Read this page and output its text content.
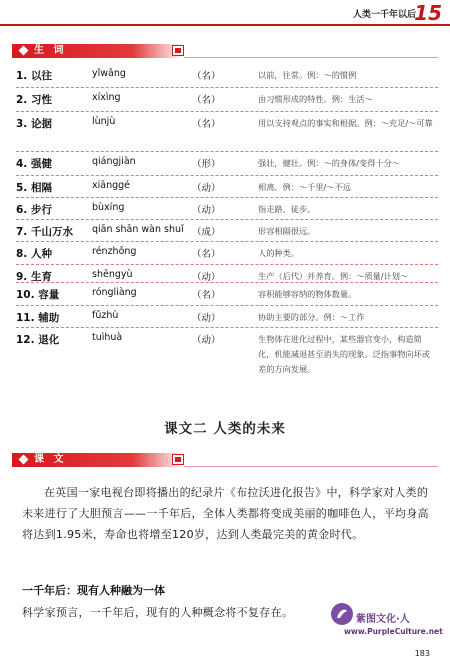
人类一千年以后
15
生 词
1. 以往	yǐwǎng	（名）	以前，往常。例：～的惯例
2. 习性	xíxìng	（名）	由习惯形成的特性。例：生活～
3. 论据	lùnjù	（名）	用以支持观点的事实和根据。例：～充足/～可靠
4. 强健	qiángjiàn	（形）	强壮，健壮。例：～的身体/变得十分～
5. 相隔	xiānggé	（动）	相离。例：～千里/～不远
6. 步行	bùxíng	（动）	指走路、徒步。
7. 千山万水 qiān shān wàn shuǐ （成）	形容相隔很远。
8. 人种	rénzhǒng	（名）	人的种类。
9. 生育	shēngyù	（动）	生产（后代）并养育。例：～质量/计划～
10. 容量	róngliàng	（名）	容积能够容纳的物体数量。
11. 辅助	fǔzhù	（动）	协助主要的部分。例：～工作
12. 退化	tuìhuà	（动）	生物体在进化过程中，某些器官变小，构造简化，机能减退甚至消失的现象。泛指事物向坏或差的方向发展。
课文二 人类的未来
课 文
在英国一家电视台即将播出的纪录片《布拉沃进化报告》中，科学家对人类的未来进行了大胆预言——一千年后，全体人类都将变成美丽的咖啡色人，平均身高将达到1.95米，寿命也将增至120岁，达到人类最完美的黄金时代。
一千年后：现有人种融为一体
科学家预言，一千年后，现有的人种概念将不复存在。
紫图文化·人
www.PurpleCulture.net
183
